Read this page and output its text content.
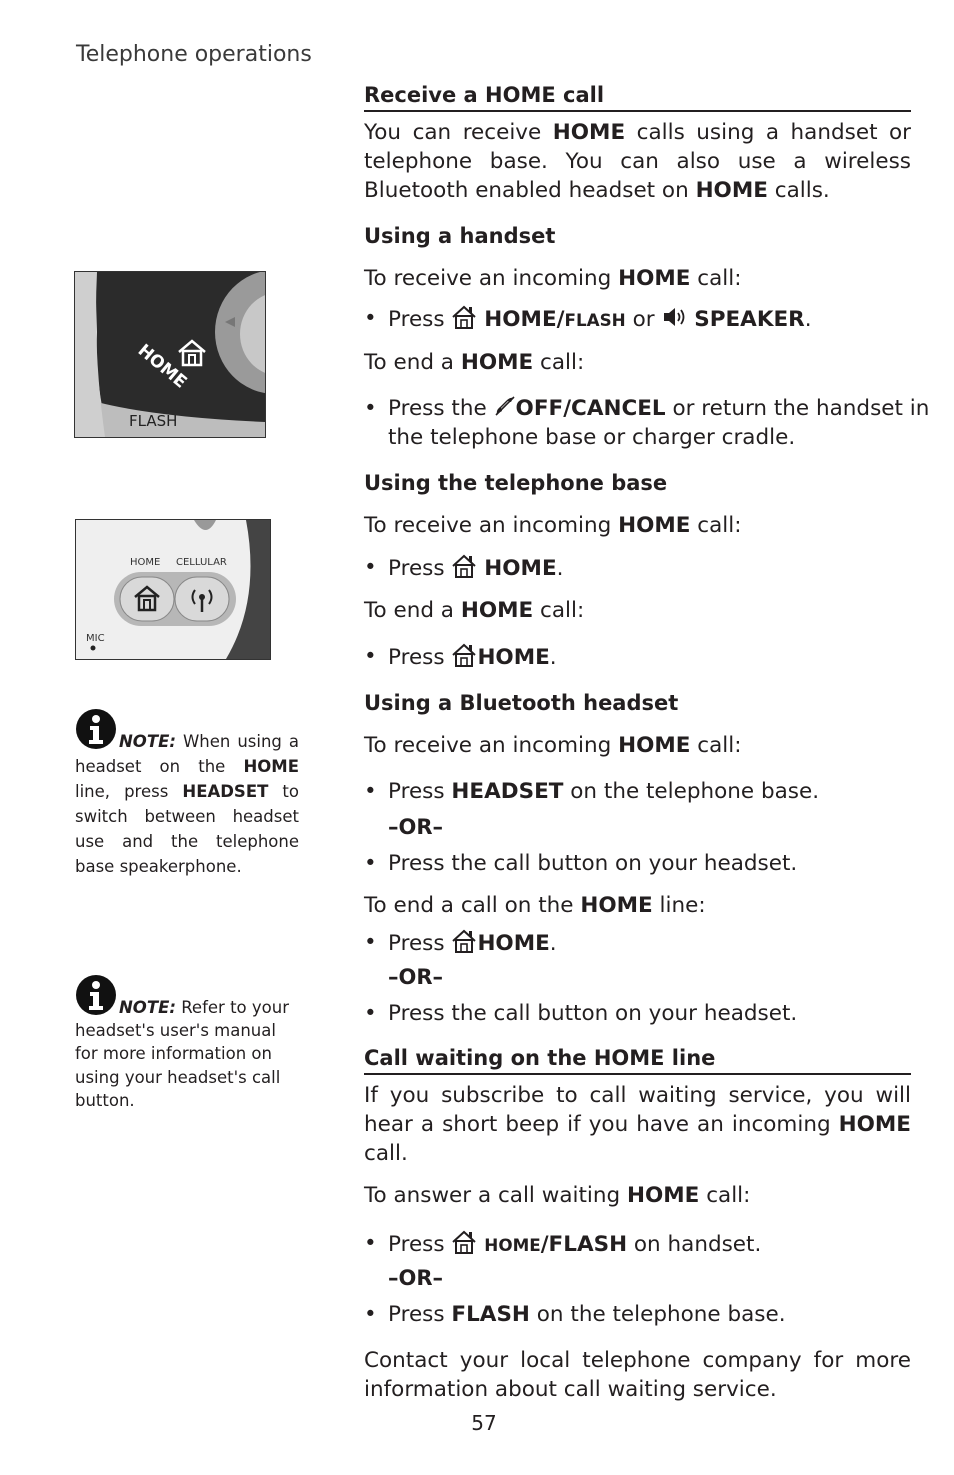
Telephone operations
Receive a HOME call
You can receive HOME calls using a handset or telephone base. You can also use a wireless Bluetooth enabled headset on HOME calls.
Using a handset
To receive an incoming HOME call:
• Press HOME/FLASH or SPEAKER.
To end a HOME call:
• Press the
OFF/CANCEL or return the handset in the telephone base or charger cradle.
Using the telephone base
To receive an incoming HOME call:
• Press HOME.
To end a HOME call:
• Press HOME.
Using a Bluetooth headset
To receive an incoming HOME call:
• Press HEADSET on the telephone base.
–OR–
• Press the call button on your headset.
To end a call on the HOME line:
• Press HOME.
–OR–
• Press the call button on your headset.
Call waiting on the HOME line
If you subscribe to call waiting service, you will hear a short beep if you have an incoming HOME call.
To answer a call waiting HOME call:
• Press HOME/FLASH on handset.
–OR–
• Press FLASH on the telephone base.
Contact your local telephone company for more information about call waiting service.
HOME
FLASH
HOME CELLULAR
MIC
NOTE: When using a headset on the HOME line, press HEADSET to switch between headset use and the telephone base speakerphone.
NOTE: Refer to your headset's user's manual for more information on using your headset's call button.
57
